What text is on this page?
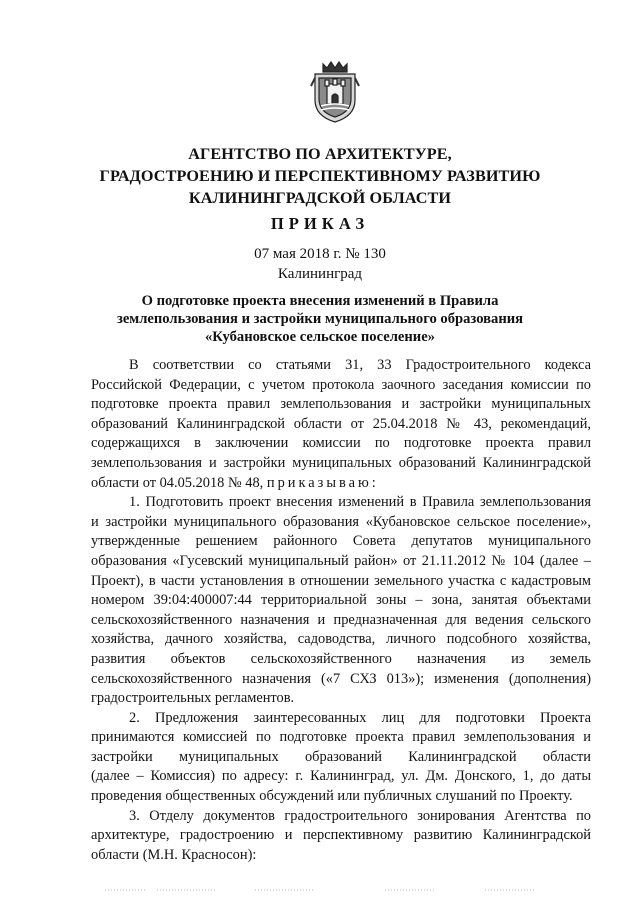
АГЕНТСТВО ПО АРХИТЕКТУРЕ,
ГРАДОСТРОЕНИЮ И ПЕРСПЕКТИВНОМУ РАЗВИТИЮ
КАЛИНИНГРАДСКОЙ ОБЛАСТИ
ПРИКАЗ
07 мая 2018 г. № 130
Калининград
О подготовке проекта внесения изменений в Правила
землепользования и застройки муниципального образования
«Кубановское сельское поселение»

В соответствии со статьями 31, 33 Градостроительного кодекса

Российской Федерации, с учетом протокола заочного заседания комиссии по

подготовке проекта правил землепользования и застройки муниципальных

образований Калининградской области от 25.04.2018 № 43, рекомендаций,

содержащихся в заключении комиссии по подготовке проекта правил

землепользования и застройки муниципальных образований Калининградской

области от 04.05.2018 № 48, приказываю:

1. Подготовить проект внесения изменений в Правила землепользования

и застройки муниципального образования «Кубановское сельское поселение»,

утвержденные решением районного Совета депутатов муниципального

образования «Гусевский муниципальный район» от 21.11.2012 № 104 (далее –

Проект), в части установления в отношении земельного участка с кадастровым

номером 39:04:400007:44 территориальной зоны – зона, занятая объектами

сельскохозяйственного назначения и предназначенная для ведения сельского

хозяйства, дачного хозяйства, садоводства, личного подсобного хозяйства,

развития объектов сельскохозяйственного назначения из земель

сельскохозяйственного назначения («7 СХЗ 013»); изменения (дополнения)

градостроительных регламентов.

2. Предложения заинтересованных лиц для подготовки Проекта

принимаются комиссией по подготовке проекта правил землепользования и

застройки муниципальных образований Калининградской области

(далее – Комиссия) по адресу: г. Калининград, ул. Дм. Донского, 1, до даты

проведения общественных обсуждений или публичных слушаний по Проекту.

3. Отделу документов градостроительного зонирования Агентства по

архитектуре, градостроению и перспективному развитию Калининградской

области (М.Н. Красносон):
